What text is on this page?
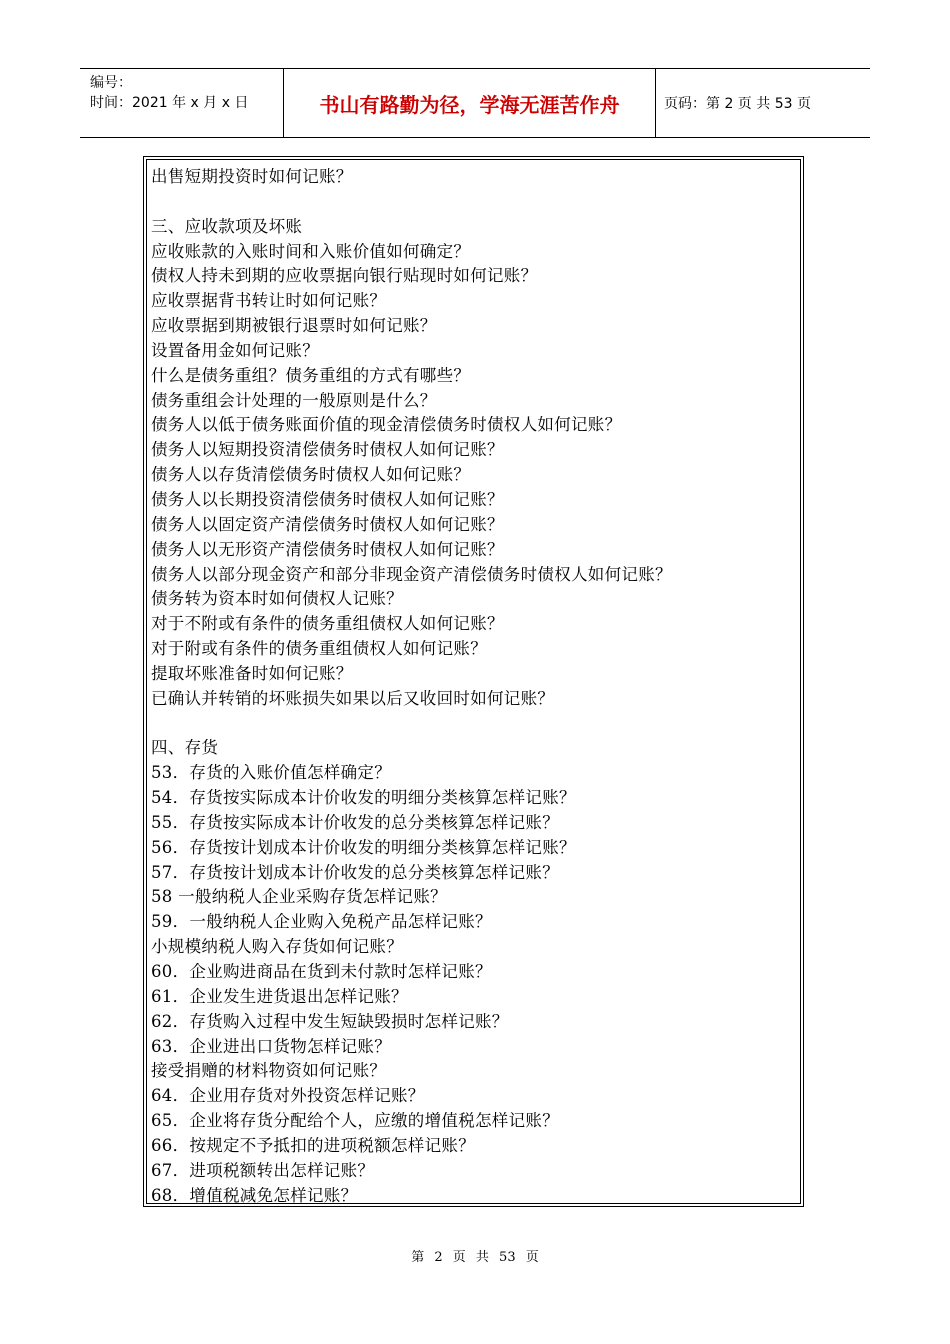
编号：
时间：2021 年 x 月 x 日	书山有路勤为径，学海无涯苦作舟	页码：第 2 页 共 53 页
出售短期投资时如何记账？
三、应收款项及坏账
应收账款的入账时间和入账价值如何确定？
债权人持未到期的应收票据向银行贴现时如何记账？
应收票据背书转让时如何记账？
应收票据到期被银行退票时如何记账？
设置备用金如何记账？
什么是债务重组？债务重组的方式有哪些？
债务重组会计处理的一般原则是什么？
债务人以低于债务账面价值的现金清偿债务时债权人如何记账？
债务人以短期投资清偿债务时债权人如何记账？
债务人以存货清偿债务时债权人如何记账？
债务人以长期投资清偿债务时债权人如何记账？
债务人以固定资产清偿债务时债权人如何记账？
债务人以无形资产清偿债务时债权人如何记账？
债务人以部分现金资产和部分非现金资产清偿债务时债权人如何记账？
债务转为资本时如何债权人记账？
对于不附或有条件的债务重组债权人如何记账？
对于附或有条件的债务重组债权人如何记账？
提取坏账准备时如何记账？
已确认并转销的坏账损失如果以后又收回时如何记账？
四、存货
53．存货的入账价值怎样确定？
54．存货按实际成本计价收发的明细分类核算怎样记账？
55．存货按实际成本计价收发的总分类核算怎样记账？
56．存货按计划成本计价收发的明细分类核算怎样记账？
57．存货按计划成本计价收发的总分类核算怎样记账？
58 一般纳税人企业采购存货怎样记账？
59．一般纳税人企业购入免税产品怎样记账？
小规模纳税人购入存货如何记账？
60．企业购进商品在货到未付款时怎样记账？
61．企业发生进货退出怎样记账？
62．存货购入过程中发生短缺毁损时怎样记账？
63．企业进出口货物怎样记账？
接受捐赠的材料物资如何记账？
64．企业用存货对外投资怎样记账？
65．企业将存货分配给个人，应缴的增值税怎样记账？
66．按规定不予抵扣的进项税额怎样记账？
67．进项税额转出怎样记账？
68．增值税减免怎样记账？
第 2 页 共 53 页
